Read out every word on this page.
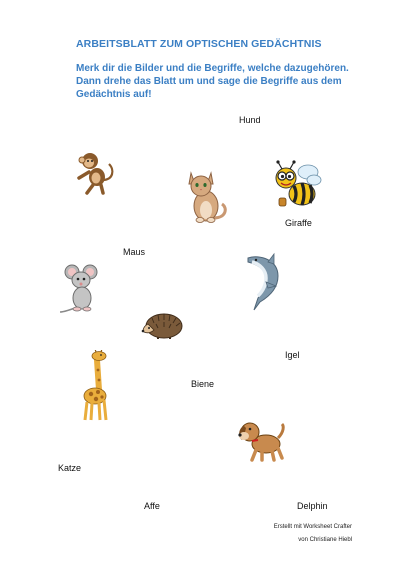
ARBEITSBLATT ZUM OPTISCHEN GEDÄCHTNIS
Merk dir die Bilder und die Begriffe, welche dazugehören. Dann drehe das Blatt um und sage die Begriffe aus dem Gedächtnis auf!
Hund
Giraffe
Maus
Igel
Biene
Katze
Affe	Delphin
Erstellt mit Worksheet Crafter
von Christiane Hiebl
